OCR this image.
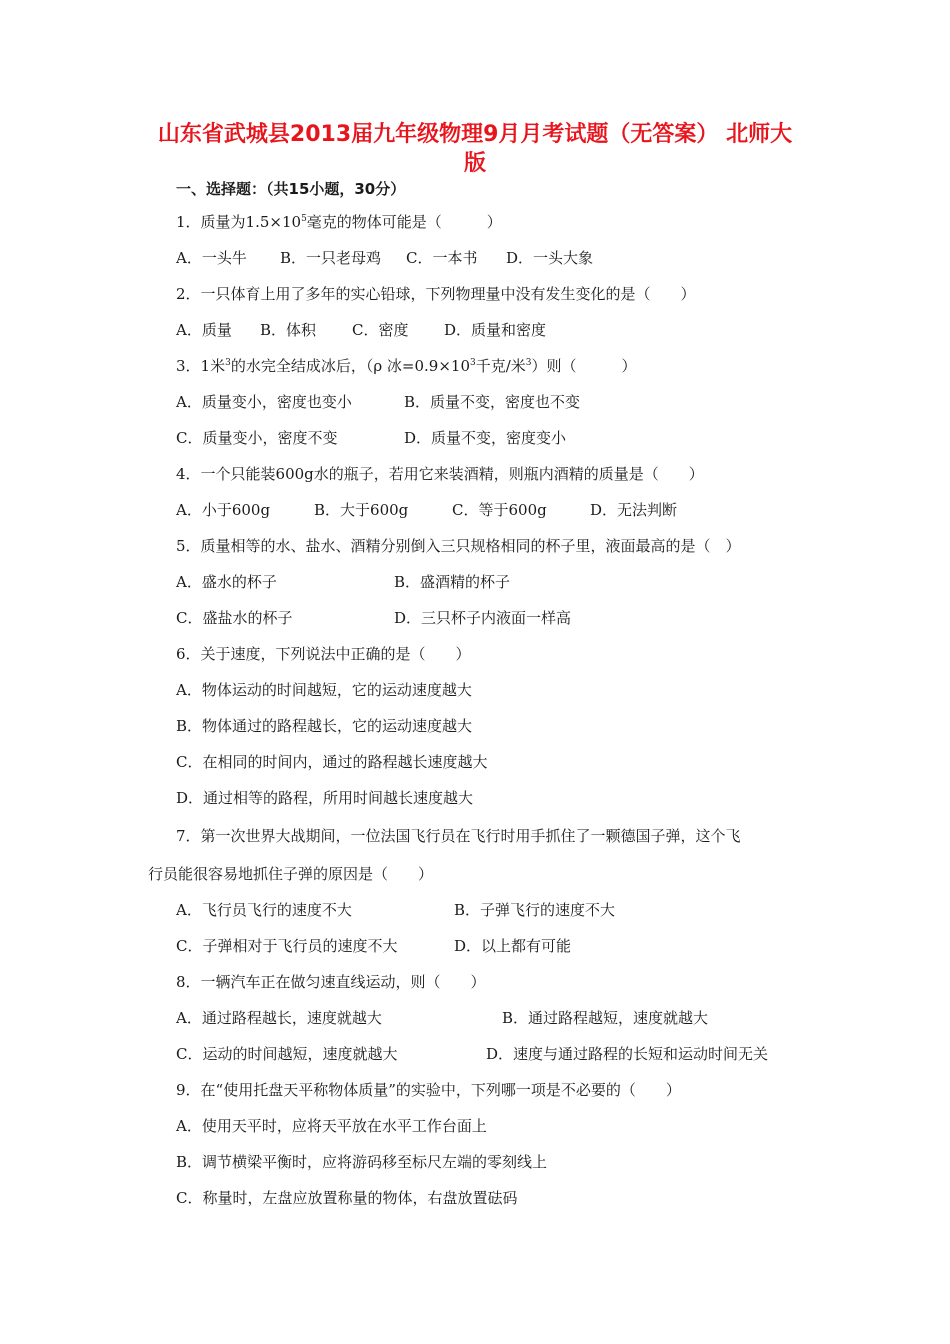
山东省武城县2013届九年级物理9月月考试题（无答案） 北师大
版
一、选择题：（共15小题，30分）
1．质量为$1.5\times 10^5$毫克的物体可能是（　　　）
A．一头牛 B．一只老母鸡 C．一本书 D．一头大象
2．一只体育上用了多年的实心铅球，下列物理量中没有发生变化的是（　　）
A．质量 B．体积 C．密度 D．质量和密度
3．1米$^3$的水完全结成冰后，（ρ 冰$=0.9\times 10^3$千克/米$^3$）则（　　　）
A．质量变小，密度也变小	B．质量不变，密度也不变
C．质量变小，密度不变	D．质量不变，密度变小
4．一个只能装600g水的瓶子，若用它来装酒精，则瓶内酒精的质量是（　　）
A．小于600g	B．大于600g	C．等于600g	D．无法判断
5．质量相等的水、盐水、酒精分别倒入三只规格相同的杯子里，液面最高的是（　）
A．盛水的杯子	B．盛酒精的杯子
C．盛盐水的杯子	D．三只杯子内液面一样高
6．关于速度，下列说法中正确的是（　　）
A．物体运动的时间越短，它的运动速度越大
B．物体通过的路程越长，它的运动速度越大
C．在相同的时间内，通过的路程越长速度越大
D．通过相等的路程，所用时间越长速度越大
7．第一次世界大战期间，一位法国飞行员在飞行时用手抓住了一颗德国子弹，这个飞
行员能很容易地抓住子弹的原因是（　　）
A．飞行员飞行的速度不大	B．子弹飞行的速度不大
C．子弹相对于飞行员的速度不大	D．以上都有可能
8．一辆汽车正在做匀速直线运动，则（　　）
A．通过路程越长，速度就越大	B．通过路程越短，速度就越大
C．运动的时间越短，速度就越大	D．速度与通过路程的长短和运动时间无关
9．在“使用托盘天平称物体质量”的实验中，下列哪一项是不必要的（　　）
A．使用天平时，应将天平放在水平工作台面上
B．调节横梁平衡时，应将游码移至标尺左端的零刻线上
C．称量时，左盘应放置称量的物体，右盘放置砝码
